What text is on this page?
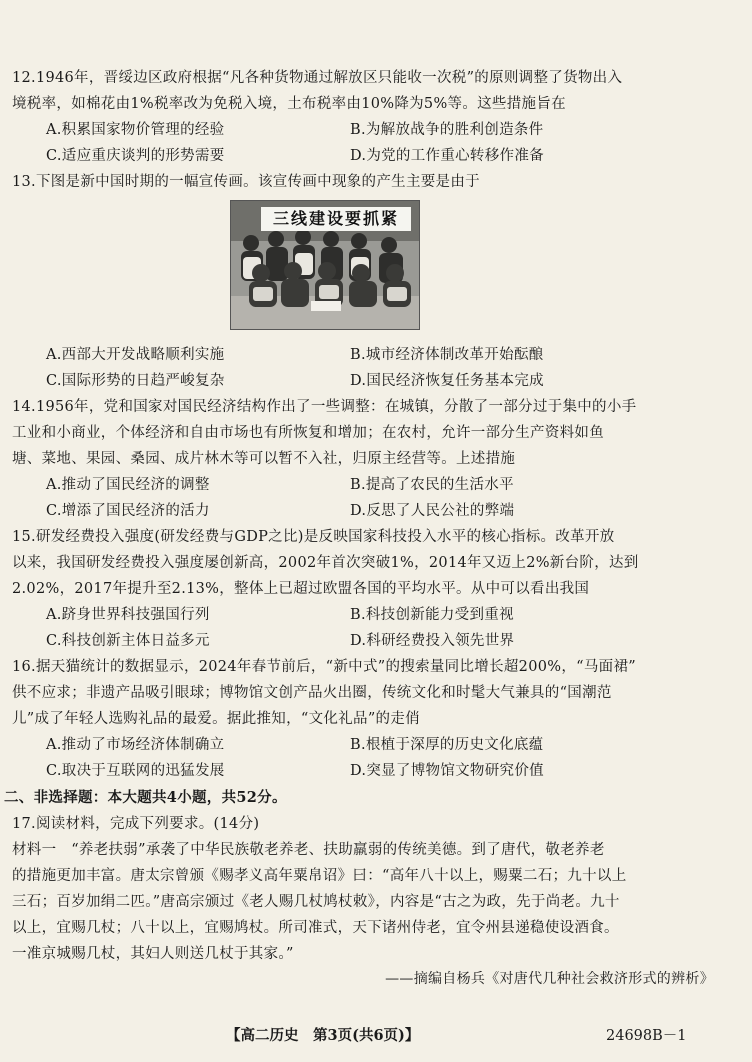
12.1946年，晋绥边区政府根据“凡各种货物通过解放区只能收一次税”的原则调整了货物出入
境税率，如棉花由1%税率改为免税入境，土布税率由10%降为5%等。这些措施旨在
A.积累国家物价管理的经验	B.为解放战争的胜利创造条件
C.适应重庆谈判的形势需要	D.为党的工作重心转移作准备
13.下图是新中国时期的一幅宣传画。该宣传画中现象的产生主要是由于
三线建设要抓紧
A.西部大开发战略顺利实施	B.城市经济体制改革开始酝酿
C.国际形势的日趋严峻复杂	D.国民经济恢复任务基本完成
14.1956年，党和国家对国民经济结构作出了一些调整：在城镇，分散了一部分过于集中的小手
工业和小商业，个体经济和自由市场也有所恢复和增加；在农村，允许一部分生产资料如鱼
塘、菜地、果园、桑园、成片林木等可以暂不入社，归原主经营等。上述措施
A.推动了国民经济的调整	B.提高了农民的生活水平
C.增添了国民经济的活力	D.反思了人民公社的弊端
15.研发经费投入强度(研发经费与GDP之比)是反映国家科技投入水平的核心指标。改革开放
以来，我国研发经费投入强度屡创新高，2002年首次突破1%，2014年又迈上2%新台阶，达到
2.02%，2017年提升至2.13%，整体上已超过欧盟各国的平均水平。从中可以看出我国
A.跻身世界科技强国行列	B.科技创新能力受到重视
C.科技创新主体日益多元	D.科研经费投入领先世界
16.据天猫统计的数据显示，2024年春节前后，“新中式”的搜索量同比增长超200%，“马面裙”
供不应求；非遗产品吸引眼球；博物馆文创产品火出圈，传统文化和时髦大气兼具的“国潮范
儿”成了年轻人选购礼品的最爱。据此推知，“文化礼品”的走俏
A.推动了市场经济体制确立	B.根植于深厚的历史文化底蕴
C.取决于互联网的迅猛发展	D.突显了博物馆文物研究价值
二、非选择题：本大题共4小题，共52分。
17.阅读材料，完成下列要求。(14分)
材料一　“养老扶弱”承袭了中华民族敬老养老、扶助羸弱的传统美德。到了唐代，敬老养老
的措施更加丰富。唐太宗曾颁《赐孝义高年粟帛诏》曰：“高年八十以上，赐粟二石；九十以上
三石；百岁加绢二匹。”唐高宗颁过《老人赐几杖鸠杖敕》，内容是“古之为政，先于尚老。九十
以上，宜赐几杖；八十以上，宜赐鸠杖。所司准式，天下诸州侍老，宜令州县递稳使设酒食。
一准京城赐几杖，其妇人则送几杖于其家。”
——摘编自杨兵《对唐代几种社会救济形式的辨析》
【高二历史　第3页(共6页)】	24698B－1
